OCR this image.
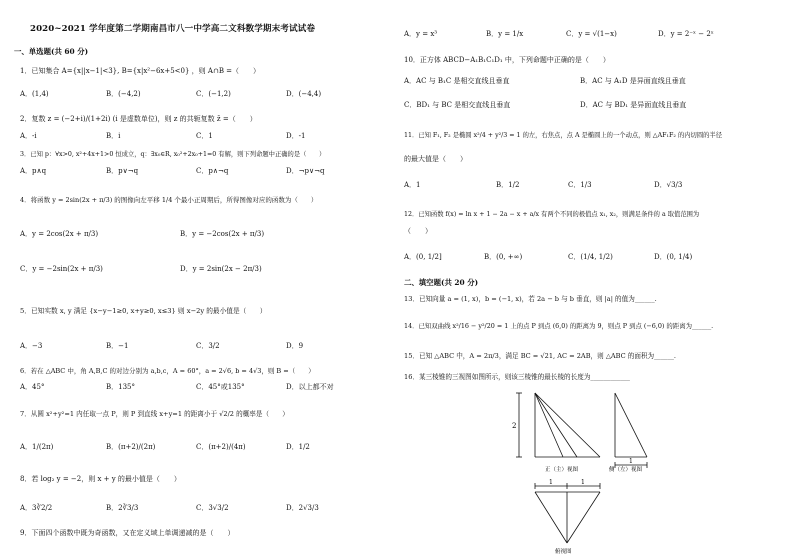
2020~2021 学年度第二学期南昌市八一中学高二文科数学期末考试试卷
一、单选题(共 60 分)
1．已知集合 A={x||x−1|<3}, B={x|x²−6x+5<0} ，则 A∩B =（　　）
A．(1,4)	B．(−4,2)	C．(−1,2)	D．(−4,4)
2．复数 z = (−2+i)/(1+2i) (i 是虚数单位)，则 z 的共轭复数 z̄ =（　　）
A．-i	B．i	C．1	D．-1
3．已知 p：∀x>0, x²+4x+1>0 恒成立，q：∃x₀∈R, x₀²+2x₀+1=0 有解，则下列命题中正确的是（　　）
A．p∧q	B．p∨¬q	C．p∧¬q	D．¬p∨¬q
4．将函数 y = 2sin(2x + π/3) 的图像向左平移 1/4 个最小正周期后，所得图像对应的函数为（　　）
A．y = 2cos(2x + π/3)	B．y = −2cos(2x + π/3)
C．y = −2sin(2x + π/3)	D．y = 2sin(2x − 2π/3)
5．已知实数 x, y 满足 {x−y−1≥0, x+y≥0, x≤3} 则 x−2y 的最小值是（　　）
A．−3	B．−1	C．3/2	D．9
6．若在 △ABC 中，角 A,B,C 的对边分别为 a,b,c，A = 60°，a = 2√6, b = 4√3，则 B =（　　）
A．45°	B．135°	C．45°或135°	D．以上都不对
7．从圆 x²+y²=1 内任取一点 P，则 P 到直线 x+y=1 的距离小于 √2/2 的概率是（　　）
A．1/(2π)	B．(π+2)/(2π)	C．(π+2)/(4π)	D．1/2
8．若 log₂ y = −2，则 x + y 的最小值是（　　）
A．3∛2/2	B．2∛3/3	C．3√3/2	D．2√3/3
9．下面四个函数中既为奇函数，又在定义域上单调递减的是（　　）
A．y = x³	B．y = 1/x	C．y = √(1−x)	D．y = 2⁻ˣ − 2ˣ
10．正方体 ABCD−A₁B₁C₁D₁ 中，下列命题中正确的是（　　）
A．AC 与 B₁C 是相交直线且垂直	B．AC 与 A₁D 是异面直线且垂直
C．BD₁ 与 BC 是相交直线且垂直	D．AC 与 BD₁ 是异面直线且垂直
11．已知 F₁, F₂ 是椭圆 x²/4 + y²/3 = 1 的左，右焦点，点 A 是椭圆上的一个动点，则 △AF₁F₂ 的内切圆的半径
的最大值是（　　）
A．1	B．1/2	C．1/3	D．√3/3
12．已知函数 f(x) = ln x + 1 − 2a − x + a/x 有两个不同的极值点 x₁, x₂，则满足条件的 a 取值范围为
（　　）
A．(0, 1/2]	B．(0, +∞)	C．(1/4, 1/2)	D．(0, 1/4)
二、填空题(共 20 分)
13．已知向量 a = (1, x)，b = (−1, x)，若 2a − b 与 b 垂直，则 |a| 的值为______.
14．已知双曲线 x²/16 − y²/20 = 1 上的点 P 到点 (6,0) 的距离为 9，则点 P 到点 (−6,0) 的距离为______.
15．已知 △ABC 中，A = 2π/3，满足 BC = √21, AC = 2AB，则 △ABC 的面积为______.
16．某三棱锥的三视图如图所示，则该三棱锥的最长棱的长度为____________
2
正（主）视图
1
侧（左）视图
1	1
俯视图
